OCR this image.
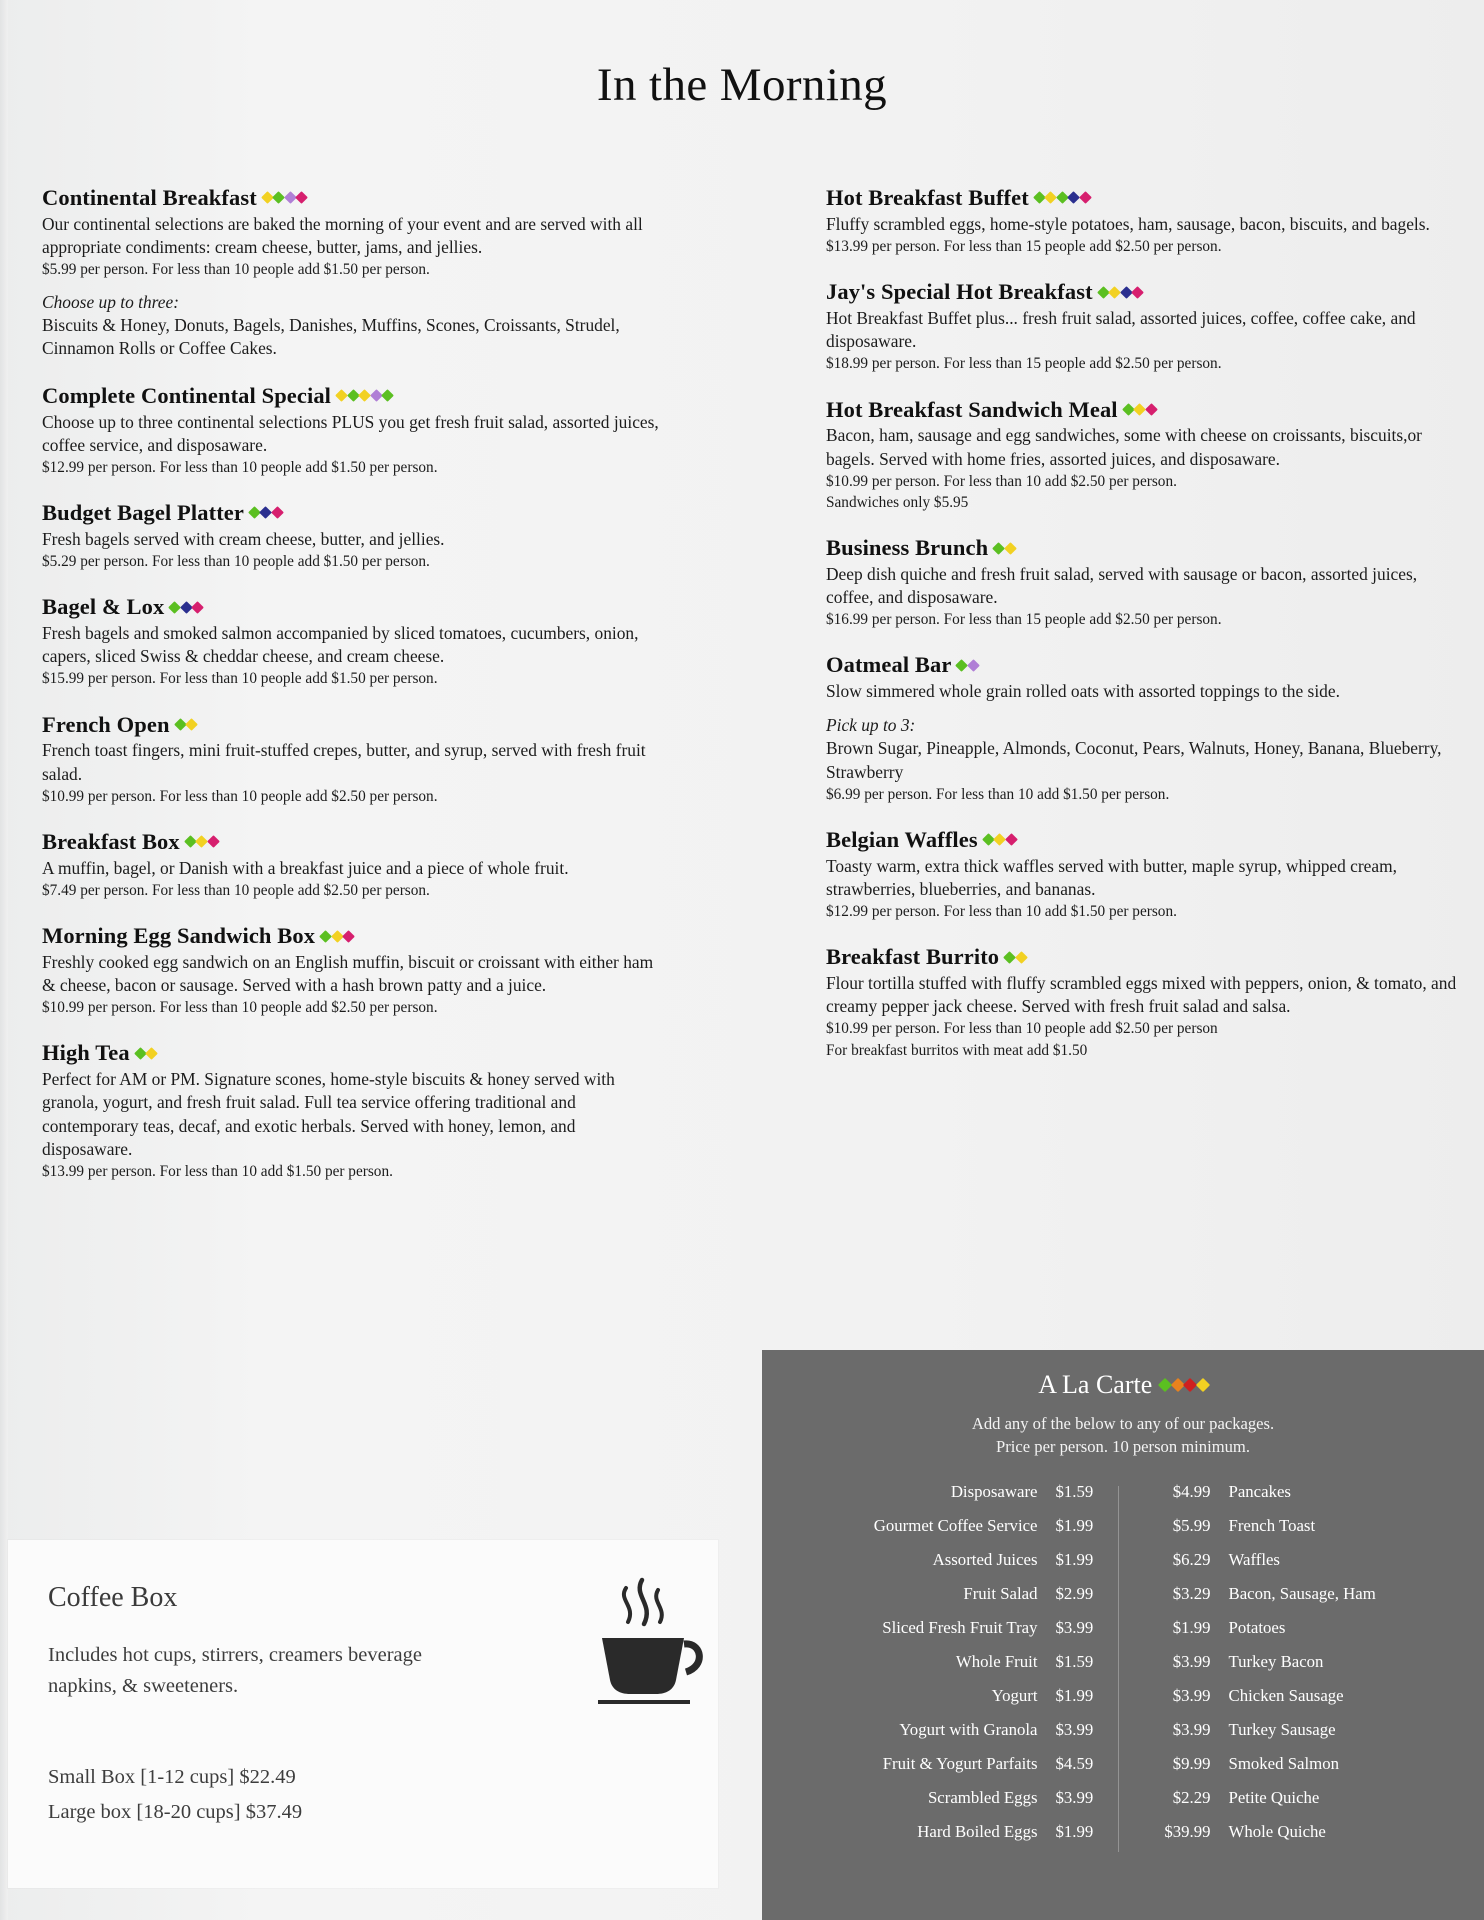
In the Morning
Continental Breakfast
Our continental selections are baked the morning of your event and are served with all appropriate condiments: cream cheese, butter, jams, and jellies.
$5.99 per person. For less than 10 people add $1.50 per person.
Choose up to three:
Biscuits & Honey, Donuts, Bagels, Danishes, Muffins, Scones, Croissants, Strudel, Cinnamon Rolls or Coffee Cakes.
Complete Continental Special
Choose up to three continental selections PLUS you get fresh fruit salad, assorted juices, coffee service, and disposaware.
$12.99 per person. For less than 10 people add $1.50 per person.
Budget Bagel Platter
Fresh bagels served with cream cheese, butter, and jellies.
$5.29 per person. For less than 10 people add $1.50 per person.
Bagel & Lox
Fresh bagels and smoked salmon accompanied by sliced tomatoes, cucumbers, onion, capers, sliced Swiss & cheddar cheese, and cream cheese.
$15.99 per person. For less than 10 people add $1.50 per person.
French Open
French toast fingers, mini fruit-stuffed crepes, butter, and syrup, served with fresh fruit salad.
$10.99 per person. For less than 10 people add $2.50 per person.
Breakfast Box
A muffin, bagel, or Danish with a breakfast juice and a piece of whole fruit.
$7.49 per person. For less than 10 people add $2.50 per person.
Morning Egg Sandwich Box
Freshly cooked egg sandwich on an English muffin, biscuit or croissant with either ham & cheese, bacon or sausage. Served with a hash brown patty and a juice.
$10.99 per person. For less than 10 people add $2.50 per person.
High Tea
Perfect for AM or PM. Signature scones, home-style biscuits & honey served with granola, yogurt, and fresh fruit salad. Full tea service offering traditional and contemporary teas, decaf, and exotic herbals. Served with honey, lemon, and disposaware.
$13.99 per person. For less than 10 add $1.50 per person.
Hot Breakfast Buffet
Fluffy scrambled eggs, home-style potatoes, ham, sausage, bacon, biscuits, and bagels.
$13.99 per person. For less than 15 people add $2.50 per person.
Jay's Special Hot Breakfast
Hot Breakfast Buffet plus... fresh fruit salad, assorted juices, coffee, coffee cake, and disposaware.
$18.99 per person. For less than 15 people add $2.50 per person.
Hot Breakfast Sandwich Meal
Bacon, ham, sausage and egg sandwiches, some with cheese on croissants, biscuits,or bagels. Served with home fries, assorted juices, and disposaware.
$10.99 per person. For less than 10 add $2.50 per person.
Sandwiches only $5.95
Business Brunch
Deep dish quiche and fresh fruit salad, served with sausage or bacon, assorted juices, coffee, and disposaware.
$16.99 per person. For less than 15 people add $2.50 per person.
Oatmeal Bar
Slow simmered whole grain rolled oats with assorted toppings to the side.
Pick up to 3:
Brown Sugar, Pineapple, Almonds, Coconut, Pears, Walnuts, Honey, Banana, Blueberry, Strawberry
$6.99 per person. For less than 10 add $1.50 per person.
Belgian Waffles
Toasty warm, extra thick waffles served with butter, maple syrup, whipped cream, strawberries, blueberries, and bananas.
$12.99 per person. For less than 10 add $1.50 per person.
Breakfast Burrito
Flour tortilla stuffed with fluffy scrambled eggs mixed with peppers, onion, & tomato, and creamy pepper jack cheese. Served with fresh fruit salad and salsa.
$10.99 per person. For less than 10 people add $2.50 per person
For breakfast burritos with meat add $1.50
Coffee Box
Includes hot cups, stirrers, creamers beverage napkins, & sweeteners.
Small Box [1-12 cups] $22.49
Large box [18-20 cups] $37.49
A La Carte
Add any of the below to any of our packages.
Price per person. 10 person minimum.
Disposaware	$1.59
Gourmet Coffee Service	$1.99
Assorted Juices	$1.99
Fruit Salad	$2.99
Sliced Fresh Fruit Tray	$3.99
Whole Fruit	$1.59
Yogurt	$1.99
Yogurt with Granola	$3.99
Fruit & Yogurt Parfaits	$4.59
Scrambled Eggs	$3.99
Hard Boiled Eggs	$1.99
$4.99	Pancakes
$5.99	French Toast
$6.29	Waffles
$3.29	Bacon, Sausage, Ham
$1.99	Potatoes
$3.99	Turkey Bacon
$3.99	Chicken Sausage
$3.99	Turkey Sausage
$9.99	Smoked Salmon
$2.29	Petite Quiche
$39.99	Whole Quiche
